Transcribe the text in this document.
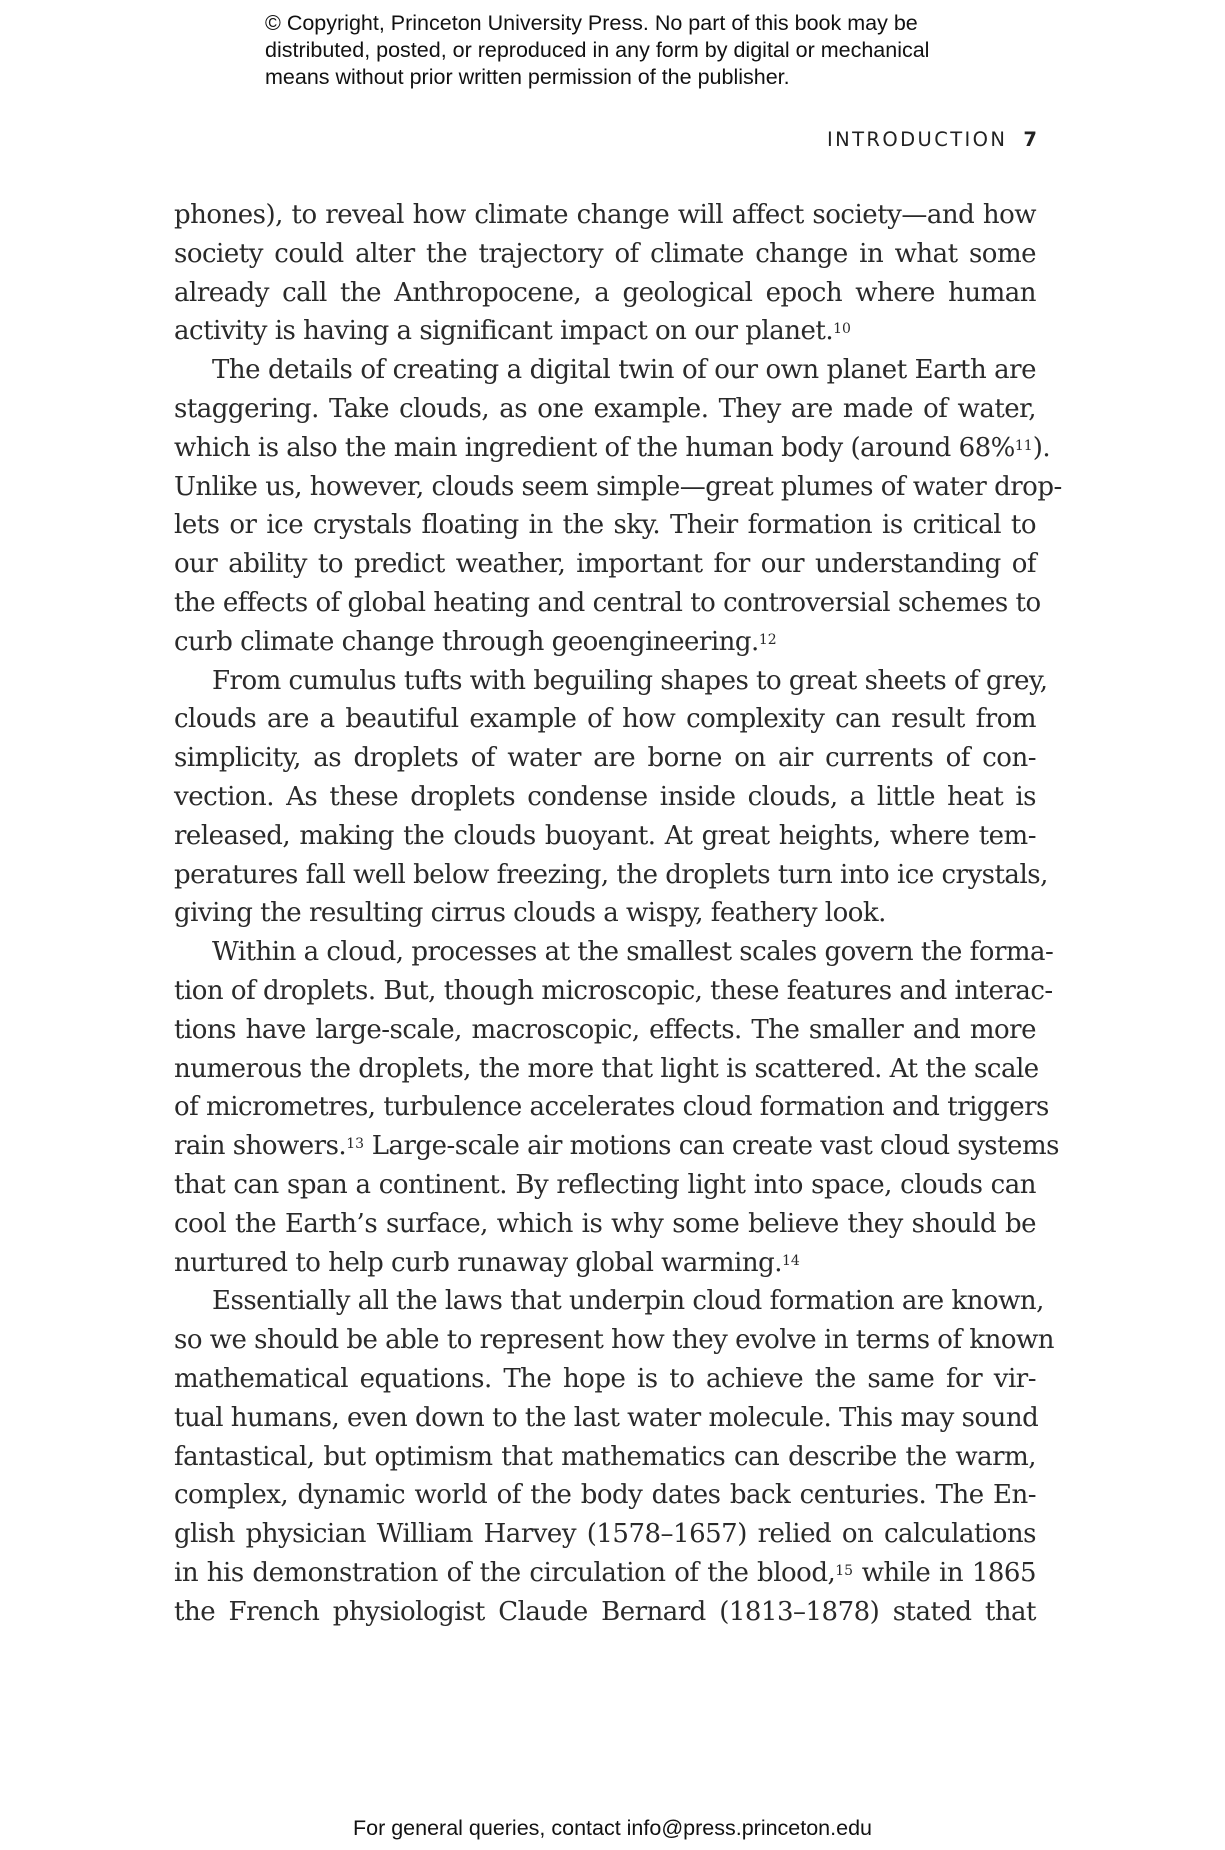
© Copyright, Princeton University Press. No part of this book may be
distributed, posted, or reproduced in any form by digital or mechanical
means without prior written permission of the publisher.
INTRODUCTION 7
phones), to reveal how climate change will affect society—and how
society could alter the trajectory of climate change in what some
already call the Anthropocene, a geological epoch where human
activity is having a significant impact on our planet.$^{10}$
The details of creating a digital twin of our own planet Earth are
staggering. Take clouds, as one example. They are made of water,
which is also the main ingredient of the human body (around 68%$^{11}$).
Unlike us, however, clouds seem simple—great plumes of water drop-
lets or ice crystals floating in the sky. Their formation is critical to
our ability to predict weather, important for our understanding of
the effects of global heating and central to controversial schemes to
curb climate change through geoengineering.$^{12}$
From cumulus tufts with beguiling shapes to great sheets of grey,
clouds are a beautiful example of how complexity can result from
simplicity, as droplets of water are borne on air currents of con-
vection. As these droplets condense inside clouds, a little heat is
released, making the clouds buoyant. At great heights, where tem-
peratures fall well below freezing, the droplets turn into ice crystals,
giving the resulting cirrus clouds a wispy, feathery look.
Within a cloud, processes at the smallest scales govern the forma-
tion of droplets. But, though microscopic, these features and interac-
tions have large-scale, macroscopic, effects. The smaller and more
numerous the droplets, the more that light is scattered. At the scale
of micrometres, turbulence accelerates cloud formation and triggers
rain showers.$^{13}$ Large-scale air motions can create vast cloud systems
that can span a continent. By reflecting light into space, clouds can
cool the Earth’s surface, which is why some believe they should be
nurtured to help curb runaway global warming.$^{14}$
Essentially all the laws that underpin cloud formation are known,
so we should be able to represent how they evolve in terms of known
mathematical equations. The hope is to achieve the same for vir-
tual humans, even down to the last water molecule. This may sound
fantastical, but optimism that mathematics can describe the warm,
complex, dynamic world of the body dates back centuries. The En-
glish physician William Harvey (1578–1657) relied on calculations
in his demonstration of the circulation of the blood,$^{15}$ while in 1865
the French physiologist Claude Bernard (1813–1878) stated that
For general queries, contact info@press.princeton.edu
